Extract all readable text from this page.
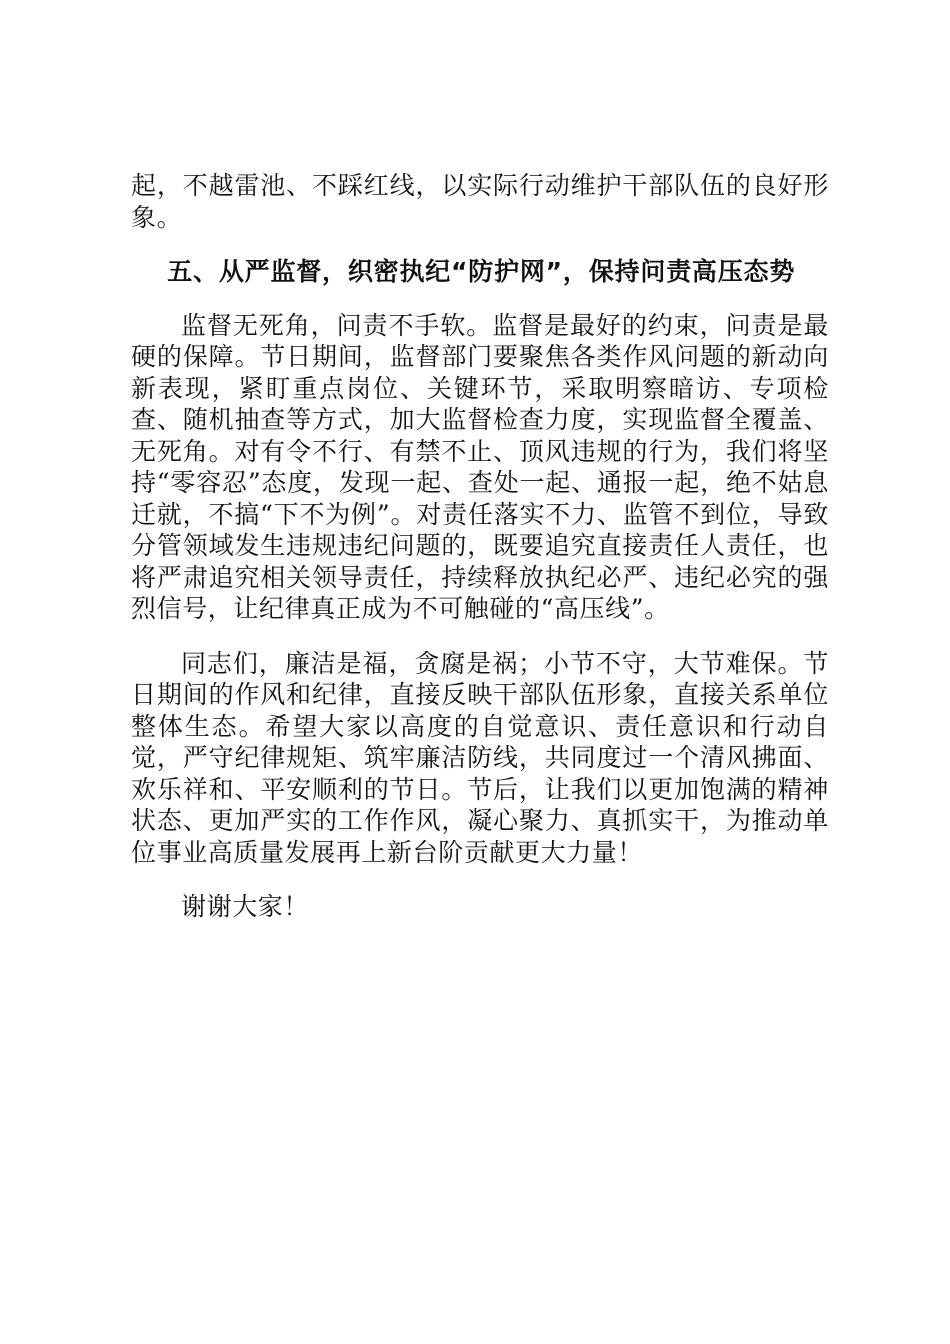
起，不越雷池、不踩红线，以实际行动维护干部队伍的良好形象。

五、从严监督，织密执纪“防护网”，保持问责高压态势

监督无死角，问责不手软。监督是最好的约束，问责是最硬的保障。节日期间，监督部门要聚焦各类作风问题的新动向新表现，紧盯重点岗位、关键环节，采取明察暗访、专项检查、随机抽查等方式，加大监督检查力度，实现监督全覆盖、无死角。对有令不行、有禁不止、顶风违规的行为，我们将坚持“零容忍”态度，发现一起、查处一起、通报一起，绝不姑息迁就，不搞“下不为例”。对责任落实不力、监管不到位，导致分管领域发生违规违纪问题的，既要追究直接责任人责任，也将严肃追究相关领导责任，持续释放执纪必严、违纪必究的强烈信号，让纪律真正成为不可触碰的“高压线”。

同志们，廉洁是福，贪腐是祸；小节不守，大节难保。节日期间的作风和纪律，直接反映干部队伍形象，直接关系单位整体生态。希望大家以高度的自觉意识、责任意识和行动自觉，严守纪律规矩、筑牢廉洁防线，共同度过一个清风拂面、欢乐祥和、平安顺利的节日。节后，让我们以更加饱满的精神状态、更加严实的工作作风，凝心聚力、真抓实干，为推动单位事业高质量发展再上新台阶贡献更大力量！

谢谢大家！
